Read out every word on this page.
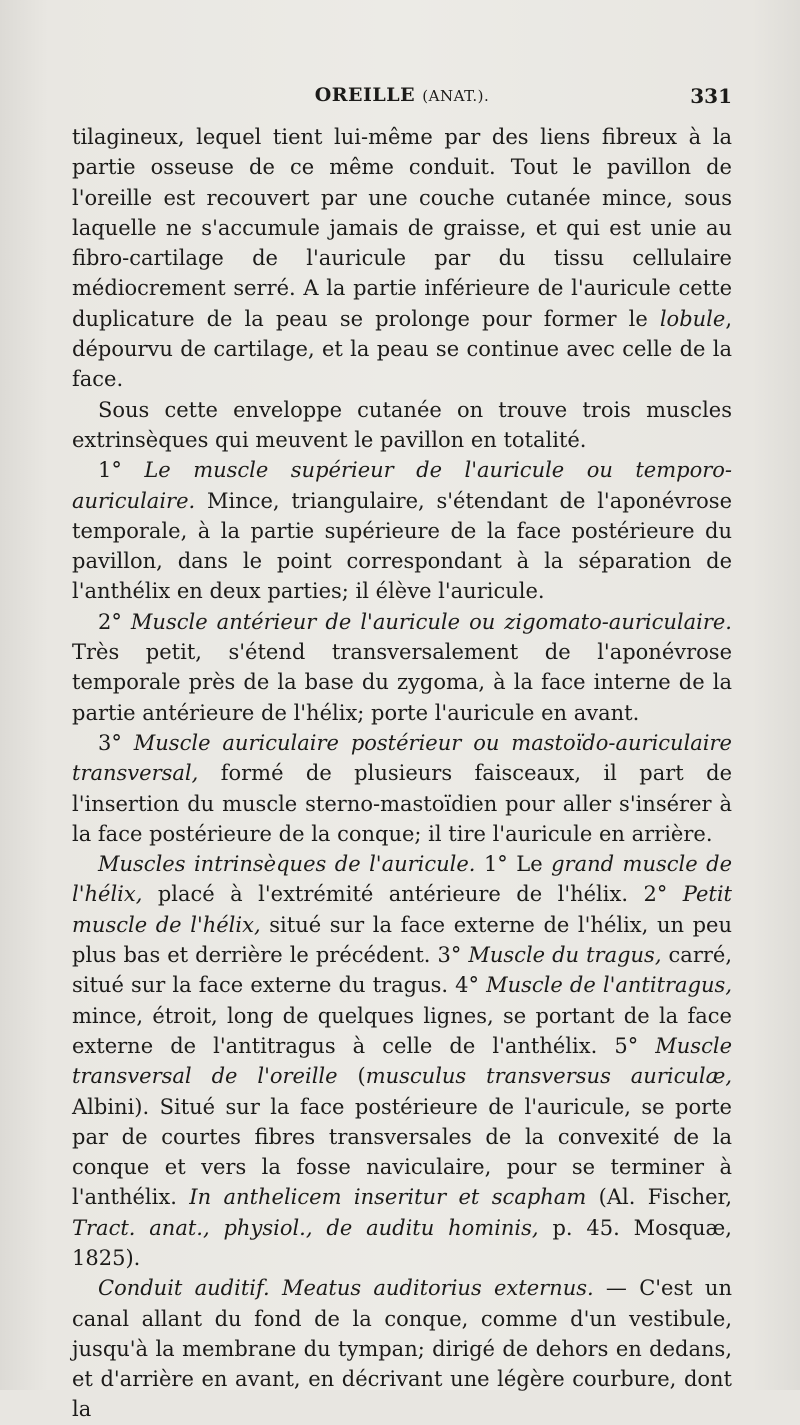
OREILLE (ANAT.).	331

tilagineux, lequel tient lui-même par des liens fibreux à la partie osseuse de ce même conduit. Tout le pavillon de l'oreille est recouvert par une couche cutanée mince, sous laquelle ne s'accumule jamais de graisse, et qui est unie au fibro-cartilage de l'auricule par du tissu cellulaire médiocrement serré. A la partie inférieure de l'auricule cette duplicature de la peau se prolonge pour former le lobule, dépourvu de cartilage, et la peau se continue avec celle de la face.

Sous cette enveloppe cutanée on trouve trois muscles extrinsèques qui meuvent le pavillon en totalité.

1° Le muscle supérieur de l'auricule ou temporo-auriculaire. Mince, triangulaire, s'étendant de l'aponévrose temporale, à la partie supérieure de la face postérieure du pavillon, dans le point correspondant à la séparation de l'anthélix en deux parties; il élève l'auricule.

2° Muscle antérieur de l'auricule ou zigomato-auriculaire. Très petit, s'étend transversalement de l'aponévrose temporale près de la base du zygoma, à la face interne de la partie antérieure de l'hélix; porte l'auricule en avant.

3° Muscle auriculaire postérieur ou mastoïdo-auriculaire transversal, formé de plusieurs faisceaux, il part de l'insertion du muscle sterno-mastoïdien pour aller s'insérer à la face postérieure de la conque; il tire l'auricule en arrière.

Muscles intrinsèques de l'auricule. 1° Le grand muscle de l'hélix, placé à l'extrémité antérieure de l'hélix. 2° Petit muscle de l'hélix, situé sur la face externe de l'hélix, un peu plus bas et derrière le précédent. 3° Muscle du tragus, carré, situé sur la face externe du tragus. 4° Muscle de l'antitragus, mince, étroit, long de quelques lignes, se portant de la face externe de l'antitragus à celle de l'anthélix. 5° Muscle transversal de l'oreille (musculus transversus auriculæ, Albini). Situé sur la face postérieure de l'auricule, se porte par de courtes fibres transversales de la convexité de la conque et vers la fosse naviculaire, pour se terminer à l'anthélix. In anthelicem inseritur et scapham (Al. Fischer, Tract. anat., physiol., de auditu hominis, p. 45. Mosquæ, 1825).

Conduit auditif. Meatus auditorius externus. — C'est un canal allant du fond de la conque, comme d'un vestibule, jusqu'à la membrane du tympan; dirigé de dehors en dedans, et d'arrière en avant, en décrivant une légère courbure, dont la
